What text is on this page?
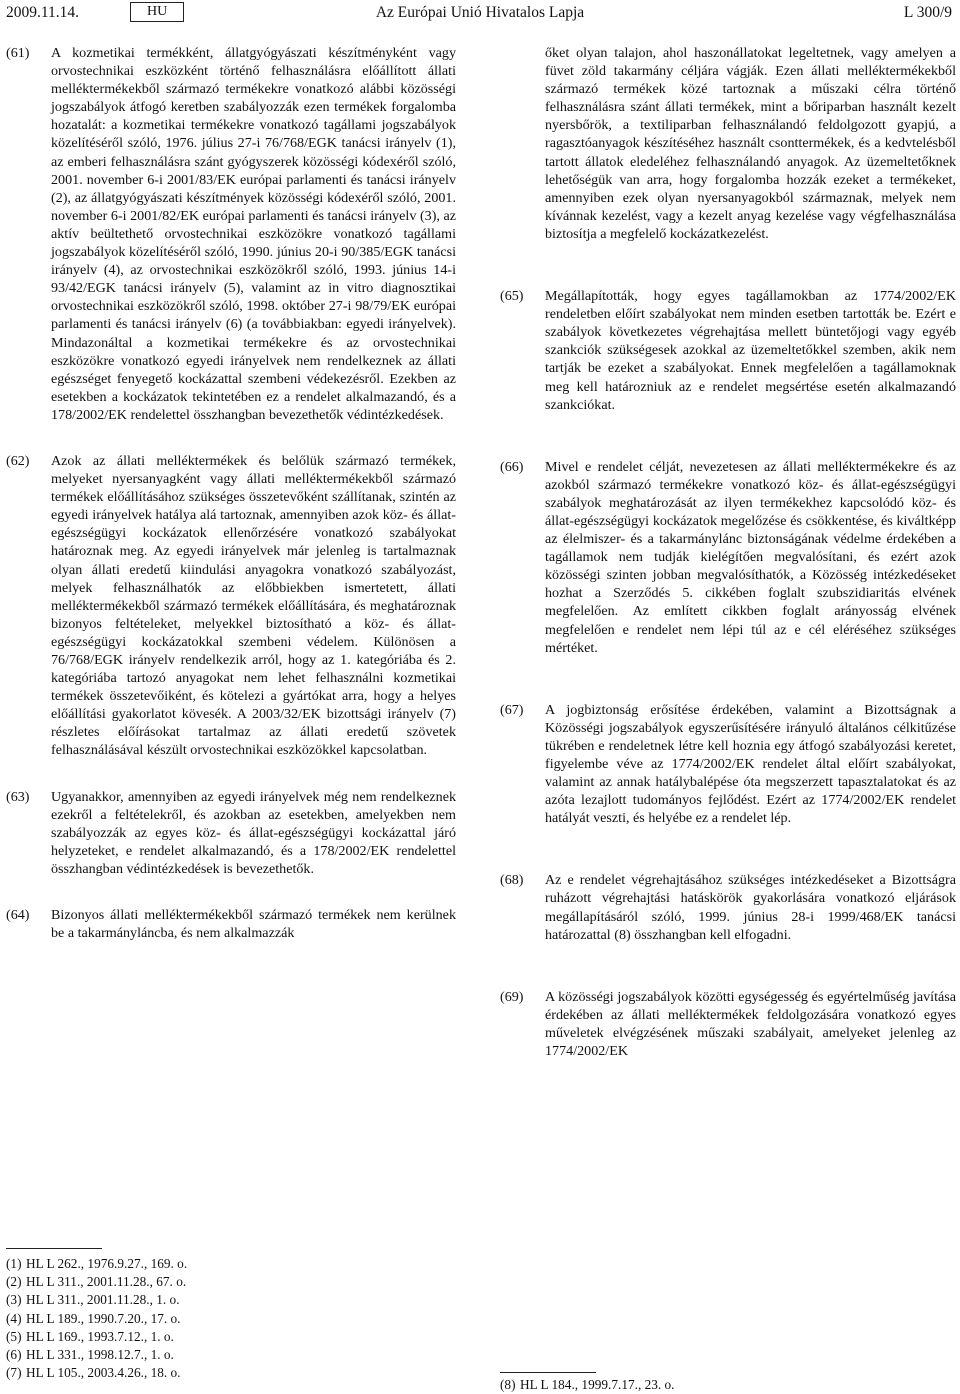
2009.11.14.	HU	Az Európai Unió Hivatalos Lapja	L 300/9
(61)	A kozmetikai termékként, állatgyógyászati készítményként vagy orvostechnikai eszközként történő felhasználásra előállított állati melléktermékekből származó termékekre vonatkozó alábbi közösségi jogszabályok átfogó keretben szabályozzák ezen termékek forgalomba hozatalát: a kozmetikai termékekre vonatkozó tagállami jogszabályok közelítéséről szóló, 1976. július 27-i 76/768/EGK tanácsi irányelv (1), az emberi felhasználásra szánt gyógyszerek közösségi kódexéről szóló, 2001. november 6-i 2001/83/EK európai parlamenti és tanácsi irányelv (2), az állatgyógyászati készítmények közösségi kódexéről szóló, 2001. november 6-i 2001/82/EK európai parlamenti és tanácsi irányelv (3), az aktív beültethető orvostechnikai eszközökre vonatkozó tagállami jogszabályok közelítéséről szóló, 1990. június 20-i 90/385/EGK tanácsi irányelv (4), az orvostechnikai eszközökről szóló, 1993. június 14-i 93/42/EGK tanácsi irányelv (5), valamint az in vitro diagnosztikai orvostechnikai eszközökről szóló, 1998. október 27-i 98/79/EK európai parlamenti és tanácsi irányelv (6) (a továbbiakban: egyedi irányelvek). Mindazonáltal a kozmetikai termékekre és az orvostechnikai eszközökre vonatkozó egyedi irányelvek nem rendelkeznek az állati egészséget fenyegető kockázattal szembeni védekezésről. Ezekben az esetekben a kockázatok tekintetében ez a rendelet alkalmazandó, és a 178/2002/EK rendelettel összhangban bevezethetők védintézkedések.
(62)	Azok az állati melléktermékek és belőlük származó termékek, melyeket nyersanyagként vagy állati melléktermékekből származó termékek előállításához szükséges összetevőként szállítanak, szintén az egyedi irányelvek hatálya alá tartoznak, amennyiben azok köz- és állat-egészségügyi kockázatok ellenőrzésére vonatkozó szabályokat határoznak meg. Az egyedi irányelvek már jelenleg is tartalmaznak olyan állati eredetű kiindulási anyagokra vonatkozó szabályozást, melyek felhasználhatók az előbbiekben ismertetett, állati melléktermékekből származó termékek előállítására, és meghatároznak bizonyos feltételeket, melyekkel biztosítható a köz- és állat-egészségügyi kockázatokkal szembeni védelem. Különösen a 76/768/EGK irányelv rendelkezik arról, hogy az 1. kategóriába és 2. kategóriába tartozó anyagokat nem lehet felhasználni kozmetikai termékek összetevőiként, és kötelezi a gyártókat arra, hogy a helyes előállítási gyakorlatot kövesék. A 2003/32/EK bizottsági irányelv (7) részletes előírásokat tartalmaz az állati eredetű szövetek felhasználásával készült orvostechnikai eszközökkel kapcsolatban.
(63)	Ugyanakkor, amennyiben az egyedi irányelvek még nem rendelkeznek ezekről a feltételekről, és azokban az esetekben, amelyekben nem szabályozzák az egyes köz- és állat-egészségügyi kockázattal járó helyzeteket, e rendelet alkalmazandó, és a 178/2002/EK rendelettel összhangban védintézkedések is bevezethetők.
(64)	Bizonyos állati melléktermékekből származó termékek nem kerülnek be a takarmányláncba, és nem alkalmazzák
őket olyan talajon, ahol haszonállatokat legeltetnek, vagy amelyen a füvet zöld takarmány céljára vágják. Ezen állati melléktermékekből származó termékek közé tartoznak a műszaki célra történő felhasználásra szánt állati termékek, mint a bőriparban használt kezelt nyersbőrök, a textiliparban felhasználandó feldolgozott gyapjú, a ragasztóanyagok készítéséhez használt csonttermékek, és a kedvtelésből tartott állatok eledeléhez felhasználandó anyagok. Az üzemeltetőknek lehetőségük van arra, hogy forgalomba hozzák ezeket a termékeket, amennyiben ezek olyan nyersanyagokból származnak, melyek nem kívánnak kezelést, vagy a kezelt anyag kezelése vagy végfelhasználása biztosítja a megfelelő kockázatkezelést.
(65)	Megállapították, hogy egyes tagállamokban az 1774/2002/EK rendeletben előírt szabályokat nem minden esetben tartották be. Ezért e szabályok következetes végrehajtása mellett büntetőjogi vagy egyéb szankciók szükségesek azokkal az üzemeltetőkkel szemben, akik nem tartják be ezeket a szabályokat. Ennek megfelelően a tagállamoknak meg kell határozniuk az e rendelet megsértése esetén alkalmazandó szankciókat.
(66)	Mivel e rendelet célját, nevezetesen az állati melléktermékekre és az azokból származó termékekre vonatkozó köz- és állat-egészségügyi szabályok meghatározását az ilyen termékekhez kapcsolódó köz- és állat-egészségügyi kockázatok megelőzése és csökkentése, és kiváltképp az élelmiszer- és a takarmánylánc biztonságának védelme érdekében a tagállamok nem tudják kielégítően megvalósítani, és ezért azok közösségi szinten jobban megvalósíthatók, a Közösség intézkedéseket hozhat a Szerződés 5. cikkében foglalt szubszidiaritás elvének megfelelően. Az említett cikkben foglalt arányosság elvének megfelelően e rendelet nem lépi túl az e cél eléréséhez szükséges mértéket.
(67)	A jogbiztonság erősítése érdekében, valamint a Bizottságnak a Közösségi jogszabályok egyszerűsítésére irányuló általános célkitűzése tükrében e rendeletnek létre kell hoznia egy átfogó szabályozási keretet, figyelembe véve az 1774/2002/EK rendelet által előírt szabályokat, valamint az annak hatálybalépése óta megszerzett tapasztalatokat és az azóta lezajlott tudományos fejlődést. Ezért az 1774/2002/EK rendelet hatályát veszti, és helyébe ez a rendelet lép.
(68)	Az e rendelet végrehajtásához szükséges intézkedéseket a Bizottságra ruházott végrehajtási hatáskörök gyakorlására vonatkozó eljárások megállapításáról szóló, 1999. június 28-i 1999/468/EK tanácsi határozattal (8) összhangban kell elfogadni.
(69)	A közösségi jogszabályok közötti egységesség és egyértelműség javítása érdekében az állati melléktermékek feldolgozására vonatkozó egyes műveletek elvégzésének műszaki szabályait, amelyeket jelenleg az 1774/2002/EK
(1) HL L 262., 1976.9.27., 169. o.
(2) HL L 311., 2001.11.28., 67. o.
(3) HL L 311., 2001.11.28., 1. o.
(4) HL L 189., 1990.7.20., 17. o.
(5) HL L 169., 1993.7.12., 1. o.
(6) HL L 331., 1998.12.7., 1. o.
(7) HL L 105., 2003.4.26., 18. o.
(8) HL L 184., 1999.7.17., 23. o.
